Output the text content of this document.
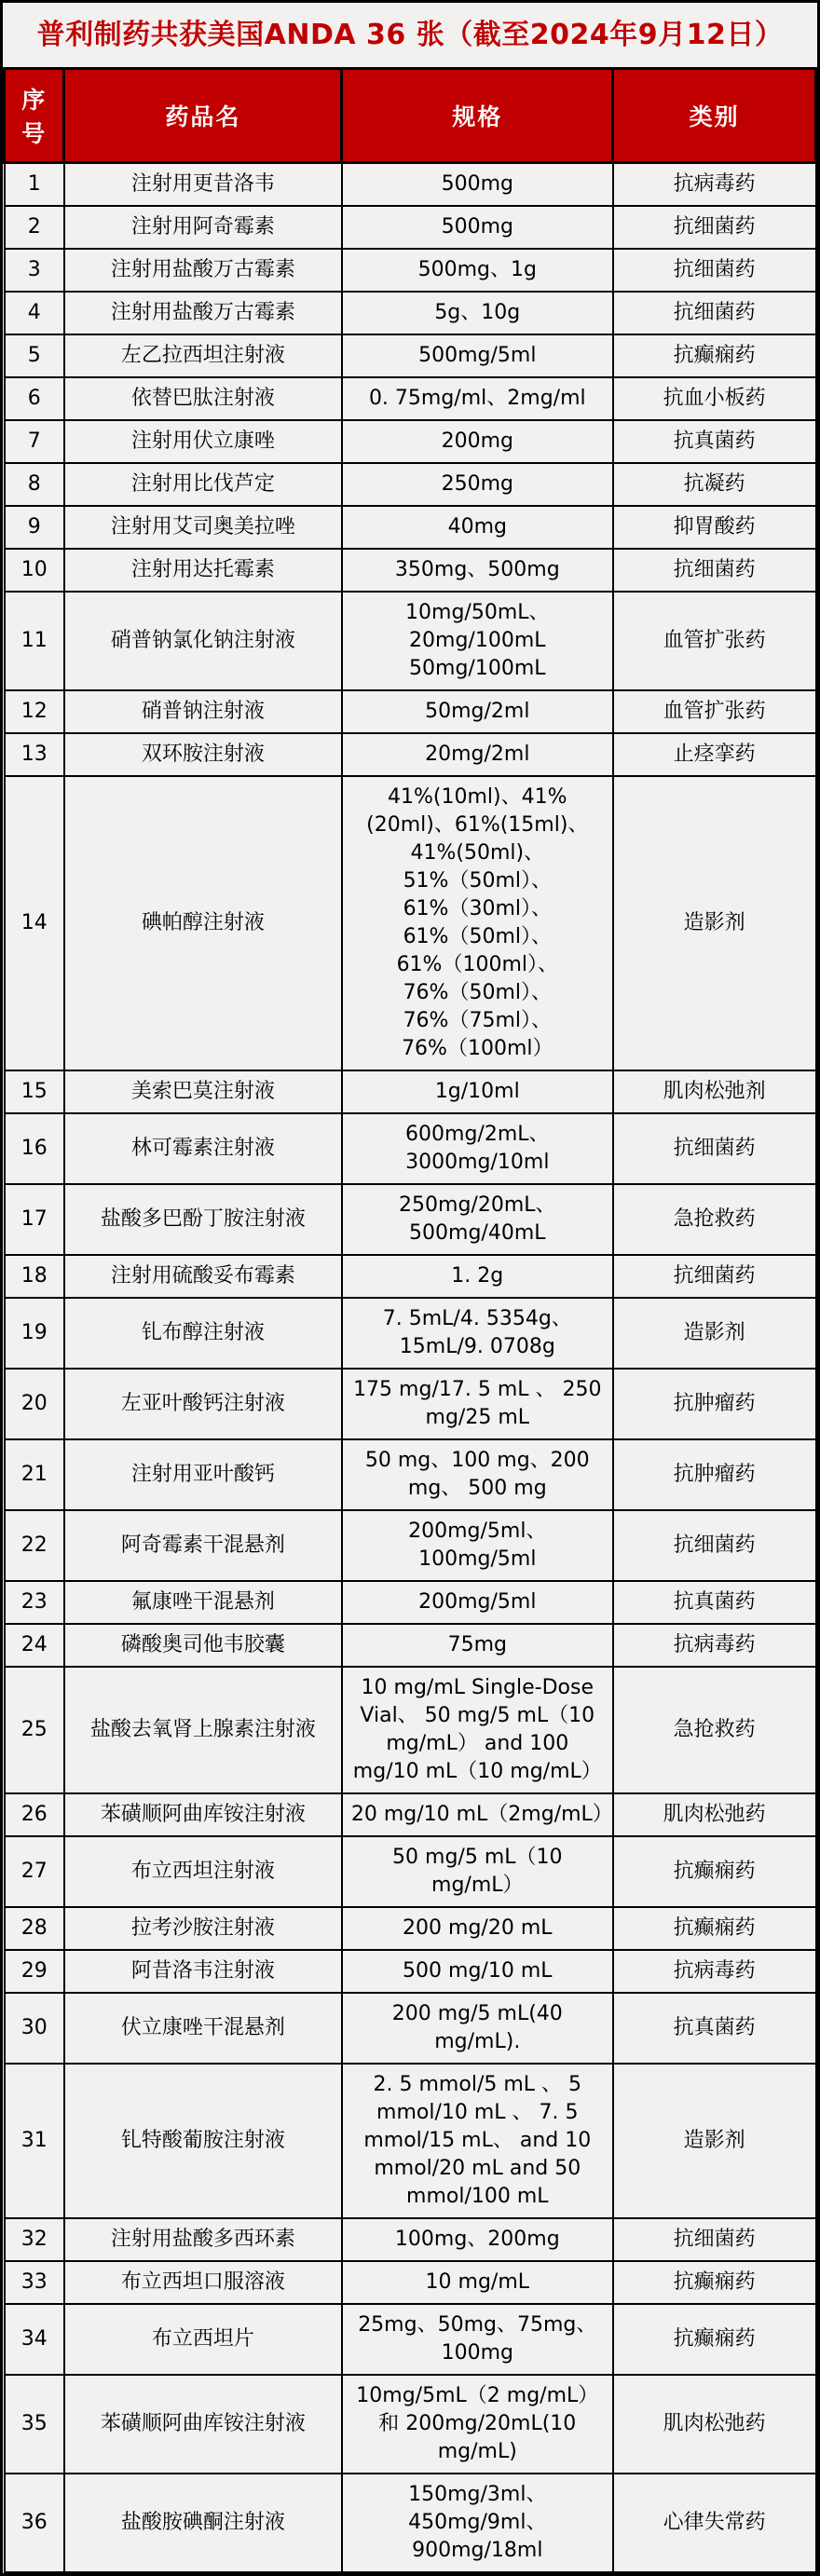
普利制药共获美国ANDA 36 张（截至2024年9月12日）
序号	药品名	规格	类别
1	注射用更昔洛韦	500mg	抗病毒药
2	注射用阿奇霉素	500mg	抗细菌药
3	注射用盐酸万古霉素	500mg、1g	抗细菌药
4	注射用盐酸万古霉素	5g、10g	抗细菌药
5	左乙拉西坦注射液	500mg/5ml	抗癫痫药
6	依替巴肽注射液	0. 75mg/ml、2mg/ml	抗血小板药
7	注射用伏立康唑	200mg	抗真菌药
8	注射用比伐芦定	250mg	抗凝药
9	注射用艾司奥美拉唑	40mg	抑胃酸药
10	注射用达托霉素	350mg、500mg	抗细菌药
11	硝普钠氯化钠注射液	10mg/50mL、20mg/100mL 50mg/100mL	血管扩张药
12	硝普钠注射液	50mg/2ml	血管扩张药
13	双环胺注射液	20mg/2ml	止痉挛药
14	碘帕醇注射液	41%(10ml)、41%(20ml)、61%(15ml)、41%(50ml)、51%（50ml）、61%（30ml）、61%（50ml）、61%（100ml）、76%（50ml）、76%（75ml）、76%（100ml）	造影剂
15	美索巴莫注射液	1g/10ml	肌肉松弛剂
16	林可霉素注射液	600mg/2mL、3000mg/10ml	抗细菌药
17	盐酸多巴酚丁胺注射液	250mg/20mL、500mg/40mL	急抢救药
18	注射用硫酸妥布霉素	1. 2g	抗细菌药
19	钆布醇注射液	7. 5mL/4. 5354g、 15mL/9. 0708g	造影剂
20	左亚叶酸钙注射液	175 mg/17. 5 mL 、 250 mg/25 mL	抗肿瘤药
21	注射用亚叶酸钙	50 mg、100 mg、200 mg、 500 mg	抗肿瘤药
22	阿奇霉素干混悬剂	200mg/5ml、100mg/5ml	抗细菌药
23	氟康唑干混悬剂	200mg/5ml	抗真菌药
24	磷酸奥司他韦胶囊	75mg	抗病毒药
25	盐酸去氧肾上腺素注射液	10 mg/mL Single-Dose Vial、 50 mg/5 mL（10 mg/mL） and 100 mg/10 mL（10 mg/mL）	急抢救药
26	苯磺顺阿曲库铵注射液	20 mg/10 mL（2mg/mL）	肌肉松弛药
27	布立西坦注射液	50 mg/5 mL（10 mg/mL）	抗癫痫药
28	拉考沙胺注射液	200 mg/20 mL	抗癫痫药
29	阿昔洛韦注射液	500 mg/10 mL	抗病毒药
30	伏立康唑干混悬剂	200 mg/5 mL(40 mg/mL).	抗真菌药
31	钆特酸葡胺注射液	2. 5 mmol/5 mL 、 5 mmol/10 mL 、 7. 5 mmol/15 mL、 and 10 mmol/20 mL and 50 mmol/100 mL	造影剂
32	注射用盐酸多西环素	100mg、200mg	抗细菌药
33	布立西坦口服溶液	10 mg/mL	抗癫痫药
34	布立西坦片	25mg、50mg、75mg、100mg	抗癫痫药
35	苯磺顺阿曲库铵注射液	10mg/5mL（2 mg/mL）和 200mg/20mL(10 mg/mL)	肌肉松弛药
36	盐酸胺碘酮注射液	150mg/3ml、450mg/9ml、 900mg/18ml	心律失常药
